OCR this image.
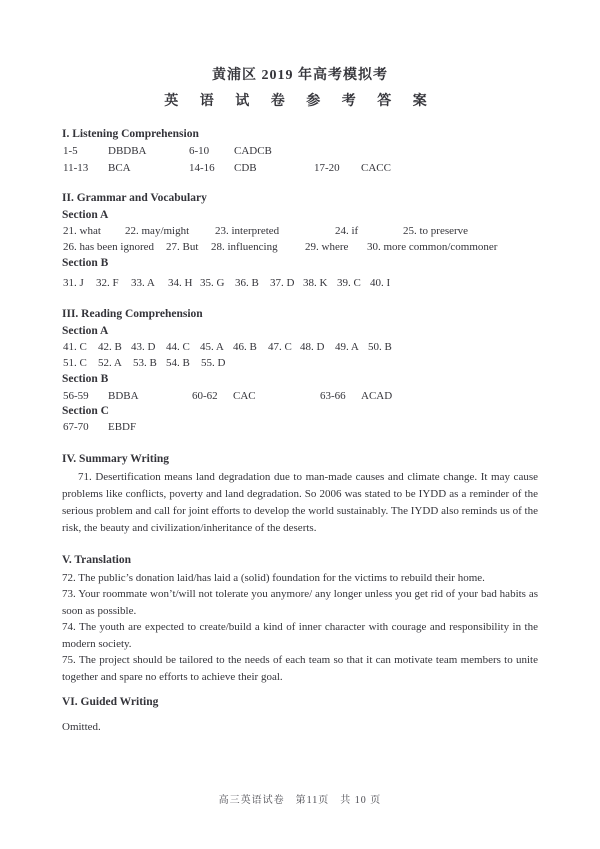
黄浦区 2019 年高考模拟考
英 语 试 卷 参 考 答 案
I. Listening Comprehension
1-5	DBDBA	6-10 CADCB
11-13 BCA	14-16 CDB	17-20 CACC
II. Grammar and Vocabulary
Section A
21. what 22. may/might 23. interpreted	24. if	25. to preserve
26. has been ignored 27. But 28. influencing 29. where 30. more common/commoner
Section B
31. J 32. F 33. A 34. H 35. G 36. B 37. D 38. K 39. C 40. I
III. Reading Comprehension
Section A
41. C 42. B 43. D 44. C 45. A 46. B 47. C 48. D 49. A 50. B
51. C 52. A 53. B 54. B 55. D
Section B
56-59 BDBA	60-62 CAC	63-66 ACAD
Section C
67-70 EBDF
IV. Summary Writing
71. Desertification means land degradation due to man-made causes and climate change. It may cause problems like conflicts, poverty and land degradation. So 2006 was stated to be IYDD as a reminder of the serious problem and call for joint efforts to develop the world sustainably. The IYDD also reminds us of the risk, the beauty and civilization/inheritance of the deserts.
V. Translation
72. The public’s donation laid/has laid a (solid) foundation for the victims to rebuild their home.
73. Your roommate won’t/will not tolerate you anymore/ any longer unless you get rid of your bad habits as soon as possible.
74. The youth are expected to create/build a kind of inner character with courage and responsibility in the modern society.
75. The project should be tailored to the needs of each team so that it can motivate team members to unite together and spare no efforts to achieve their goal.
VI. Guided Writing
Omitted.
高三英语试卷　第11页　共 10 页
